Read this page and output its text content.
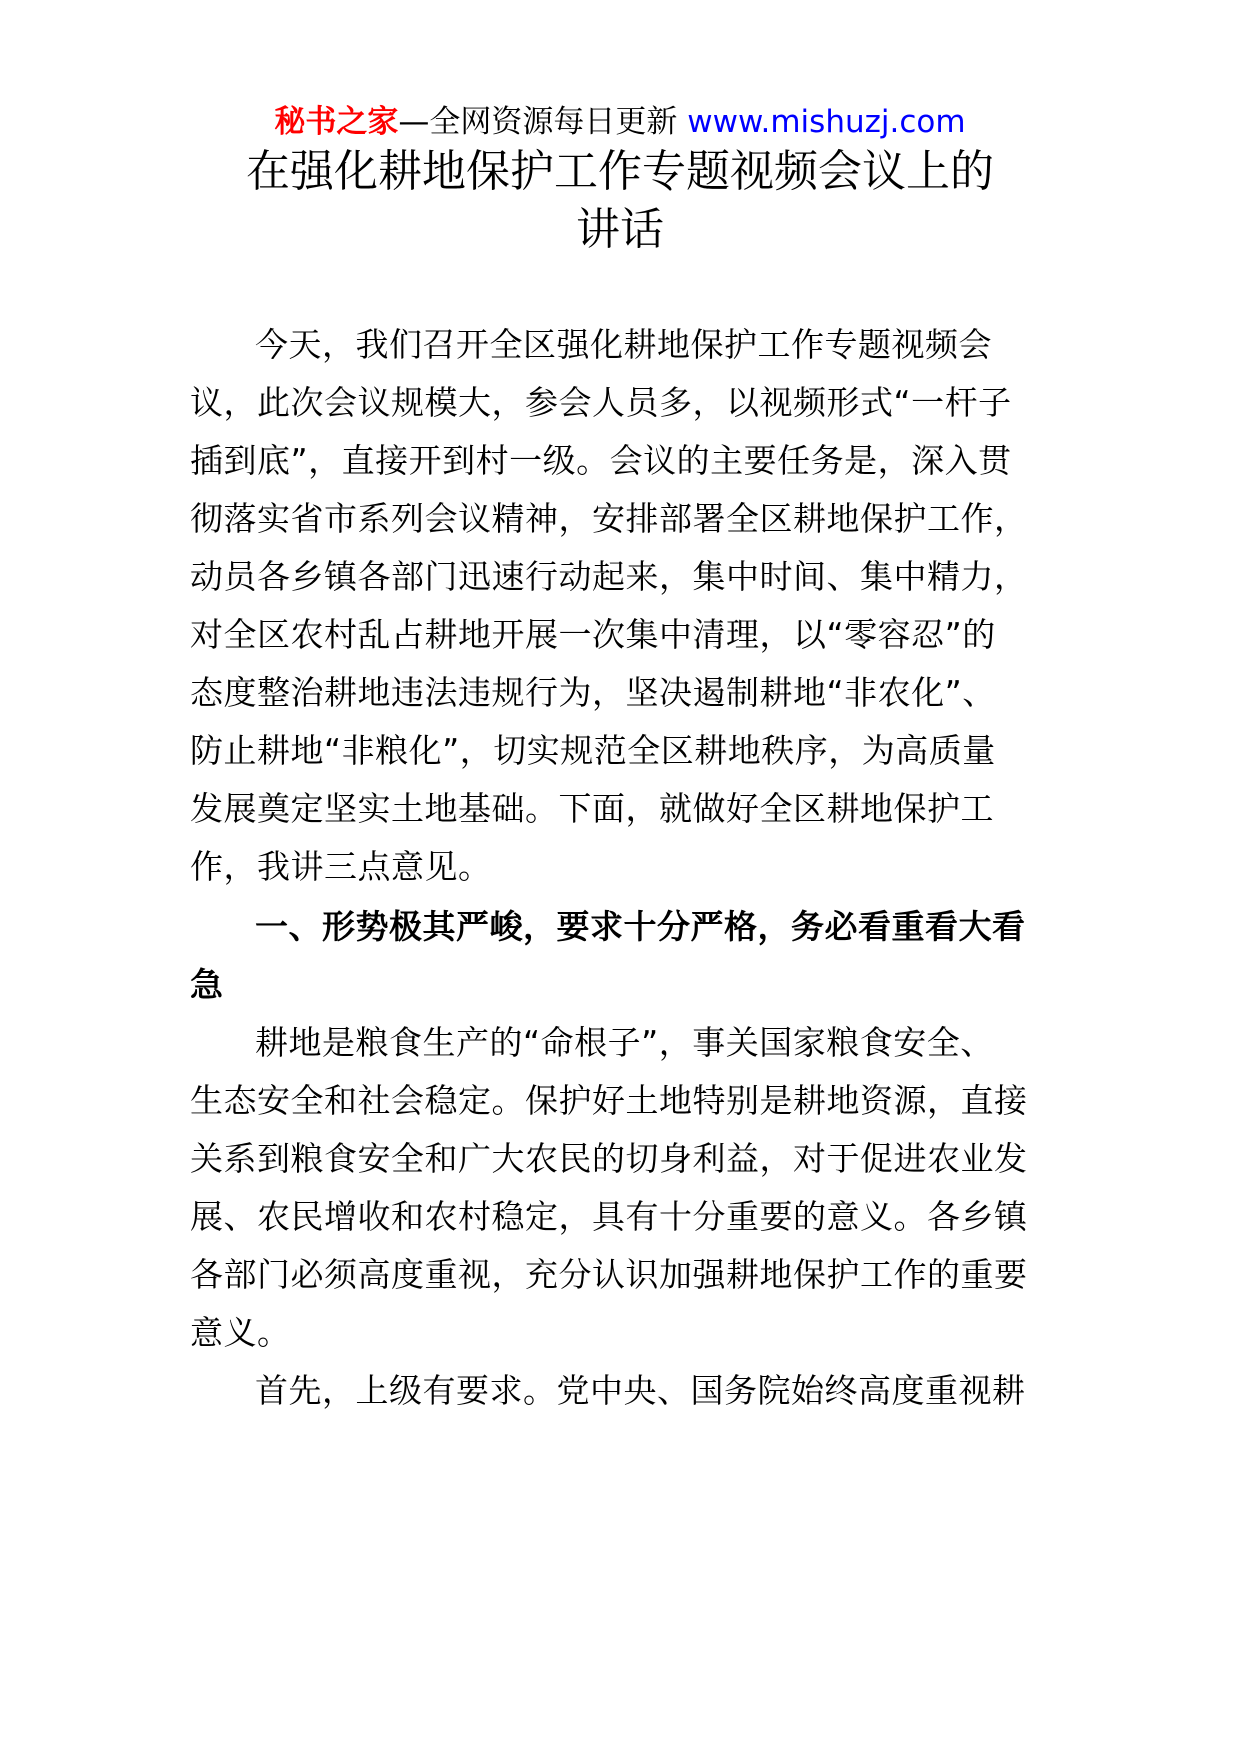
秘书之家—全网资源每日更新 www.mishuzj.com
在强化耕地保护工作专题视频会议上的
讲话
今天，我们召开全区强化耕地保护工作专题视频会
议，此次会议规模大，参会人员多，以视频形式“一杆子
插到底”，直接开到村一级。会议的主要任务是，深入贯
彻落实省市系列会议精神，安排部署全区耕地保护工作，
动员各乡镇各部门迅速行动起来，集中时间、集中精力，
对全区农村乱占耕地开展一次集中清理，以“零容忍”的
态度整治耕地违法违规行为，坚决遏制耕地“非农化”、
防止耕地“非粮化”，切实规范全区耕地秩序，为高质量
发展奠定坚实土地基础。下面，就做好全区耕地保护工
作，我讲三点意见。
一、形势极其严峻，要求十分严格，务必看重看大看
急
耕地是粮食生产的“命根子”，事关国家粮食安全、
生态安全和社会稳定。保护好土地特别是耕地资源，直接
关系到粮食安全和广大农民的切身利益，对于促进农业发
展、农民增收和农村稳定，具有十分重要的意义。各乡镇
各部门必须高度重视，充分认识加强耕地保护工作的重要
意义。
首先，上级有要求。党中央、国务院始终高度重视耕
